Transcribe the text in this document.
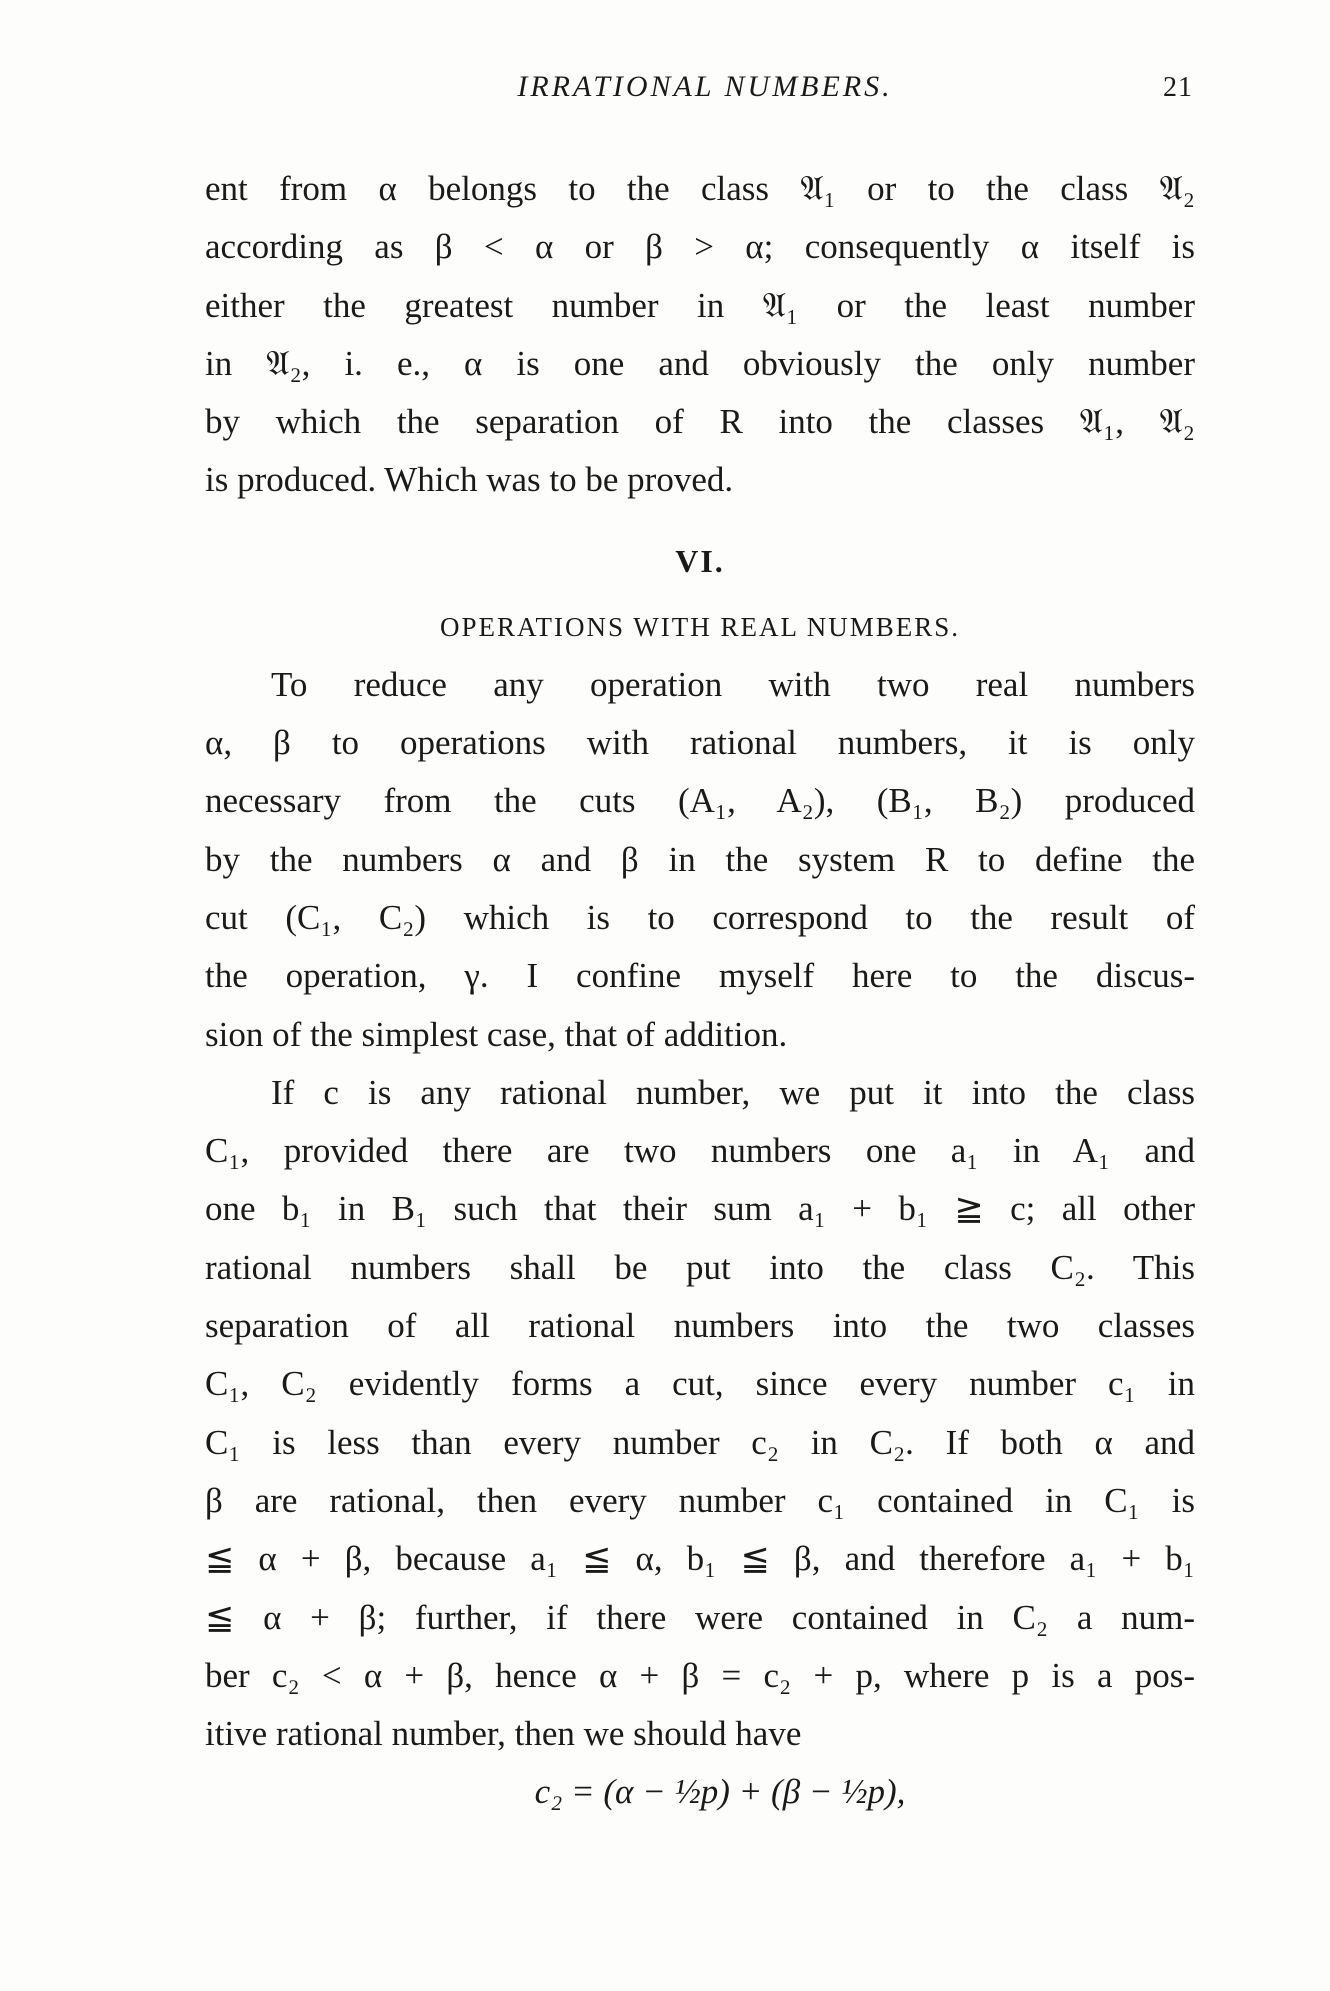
IRRATIONAL NUMBERS.	21
ent from α belongs to the class 𝔄₁ or to the class 𝔄₂
according as β < α or β > α; consequently α itself is
either the greatest number in 𝔄₁ or the least number
in 𝔄₂, i. e., α is one and obviously the only number
by which the separation of R into the classes 𝔄₁, 𝔄₂
is produced. Which was to be proved.
VI.
OPERATIONS WITH REAL NUMBERS.
To reduce any operation with two real numbers
α, β to operations with rational numbers, it is only
necessary from the cuts (A₁, A₂), (B₁, B₂) produced
by the numbers α and β in the system R to define the
cut (C₁, C₂) which is to correspond to the result of
the operation, γ. I confine myself here to the discus-
sion of the simplest case, that of addition.
If c is any rational number, we put it into the class
C₁, provided there are two numbers one a₁ in A₁ and
one b₁ in B₁ such that their sum a₁ + b₁ ≧ c; all other
rational numbers shall be put into the class C₂. This
separation of all rational numbers into the two classes
C₁, C₂ evidently forms a cut, since every number c₁ in
C₁ is less than every number c₂ in C₂. If both α and
β are rational, then every number c₁ contained in C₁ is
≦ α + β, because a₁ ≦ α, b₁ ≦ β, and therefore a₁ + b₁
≦ α + β; further, if there were contained in C₂ a num-
ber c₂ < α + β, hence α + β = c₂ + p, where p is a pos-
itive rational number, then we should have
c₂ = (α − ½p) + (β − ½p),
